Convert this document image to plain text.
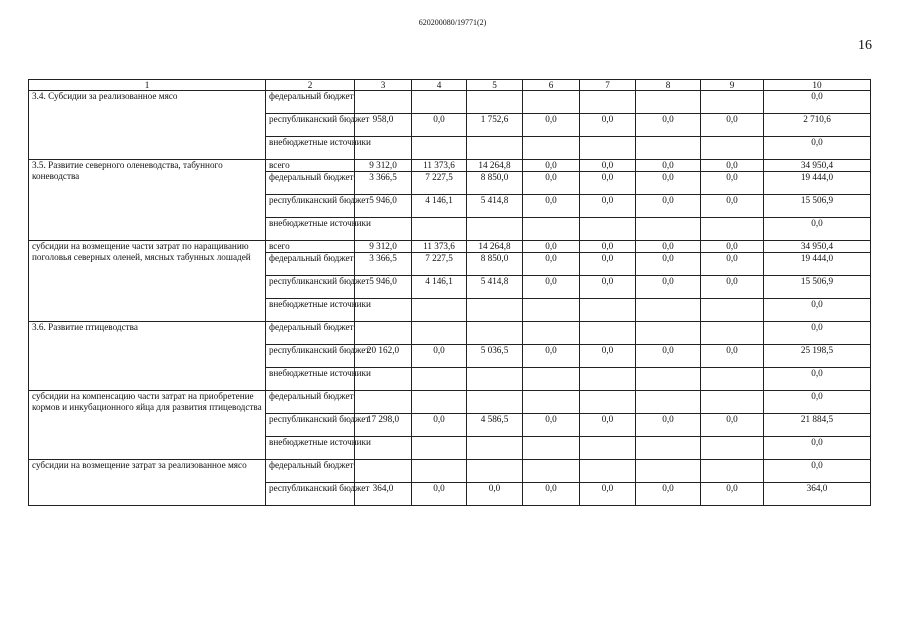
620200080/19771(2)
16
1	2	3	4	5	6	7	8	9	10
3.4. Субсидии за реализованное мясо	федеральный бюджет								0,0
	республиканский бюджет	958,0	0,0	1 752,6	0,0	0,0	0,0	0,0	2 710,6
	внебюджетные источники								0,0
3.5. Развитие северного оленеводства, табунного коневодства	всего	9 312,0	11 373,6	14 264,8	0,0	0,0	0,0	0,0	34 950,4
	федеральный бюджет	3 366,5	7 227,5	8 850,0	0,0	0,0	0,0	0,0	19 444,0
	республиканский бюджет	5 946,0	4 146,1	5 414,8	0,0	0,0	0,0	0,0	15 506,9
	внебюджетные источники								0,0
субсидии на возмещение части затрат по наращиванию поголовья северных оленей, мясных табунных лошадей	всего	9 312,0	11 373,6	14 264,8	0,0	0,0	0,0	0,0	34 950,4
	федеральный бюджет	3 366,5	7 227,5	8 850,0	0,0	0,0	0,0	0,0	19 444,0
	республиканский бюджет	5 946,0	4 146,1	5 414,8	0,0	0,0	0,0	0,0	15 506,9
	внебюджетные источники								0,0
3.6. Развитие птицеводства	федеральный бюджет								0,0
	республиканский бюджет	20 162,0	0,0	5 036,5	0,0	0,0	0,0	0,0	25 198,5
	внебюджетные источники								0,0
субсидии на компенсацию части затрат на приобретение кормов и инкубационного яйца для развития птицеводства	федеральный бюджет								0,0
	республиканский бюджет	17 298,0	0,0	4 586,5	0,0	0,0	0,0	0,0	21 884,5
	внебюджетные источники								0,0
субсидии на возмещение затрат за реализованное мясо	федеральный бюджет								0,0
	республиканский бюджет	364,0	0,0	0,0	0,0	0,0	0,0	0,0	364,0
